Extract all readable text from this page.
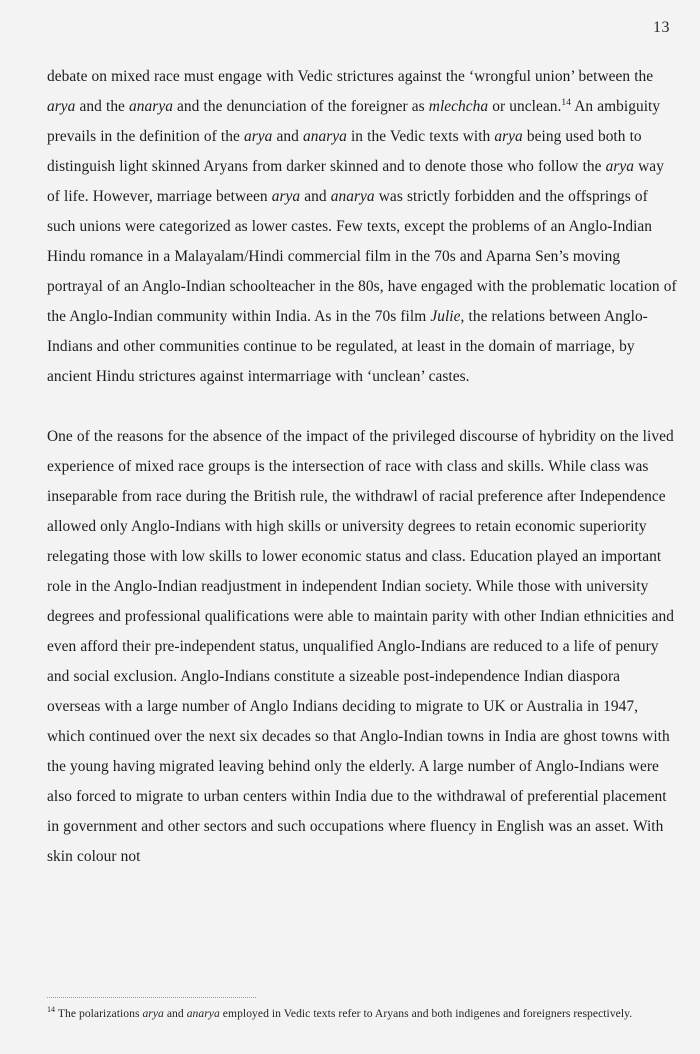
13

debate on mixed race must engage with Vedic strictures against the ‘wrongful union’ between the arya and the anarya and the denunciation of the foreigner as mlechcha or unclean.$^{14}$ An ambiguity prevails in the definition of the arya and anarya in the Vedic texts with arya being used both to distinguish light skinned Aryans from darker skinned and to denote those who follow the arya way of life. However, marriage between arya and anarya was strictly forbidden and the offsprings of such unions were categorized as lower castes. Few texts, except the problems of an Anglo-Indian Hindu romance in a Malayalam/Hindi commercial film in the 70s and Aparna Sen’s moving portrayal of an Anglo-Indian schoolteacher in the 80s, have engaged with the problematic location of the Anglo-Indian community within India. As in the 70s film Julie, the relations between Anglo-Indians and other communities continue to be regulated, at least in the domain of marriage, by ancient Hindu strictures against intermarriage with ‘unclean’ castes.

One of the reasons for the absence of the impact of the privileged discourse of hybridity on the lived experience of mixed race groups is the intersection of race with class and skills. While class was inseparable from race during the British rule, the withdrawl of racial preference after Independence allowed only Anglo-Indians with high skills or university degrees to retain economic superiority relegating those with low skills to lower economic status and class. Education played an important role in the Anglo-Indian readjustment in independent Indian society. While those with university degrees and professional qualifications were able to maintain parity with other Indian ethnicities and even afford their pre-independent status, unqualified Anglo-Indians are reduced to a life of penury and social exclusion. Anglo-Indians constitute a sizeable post-independence Indian diaspora overseas with a large number of Anglo Indians deciding to migrate to UK or Australia in 1947, which continued over the next six decades so that Anglo-Indian towns in India are ghost towns with the young having migrated leaving behind only the elderly. A large number of Anglo-Indians were also forced to migrate to urban centers within India due to the withdrawal of preferential placement in government and other sectors and such occupations where fluency in English was an asset. With skin colour not

$^{14}$ The polarizations arya and anarya employed in Vedic texts refer to Aryans and both indigenes and foreigners respectively.
